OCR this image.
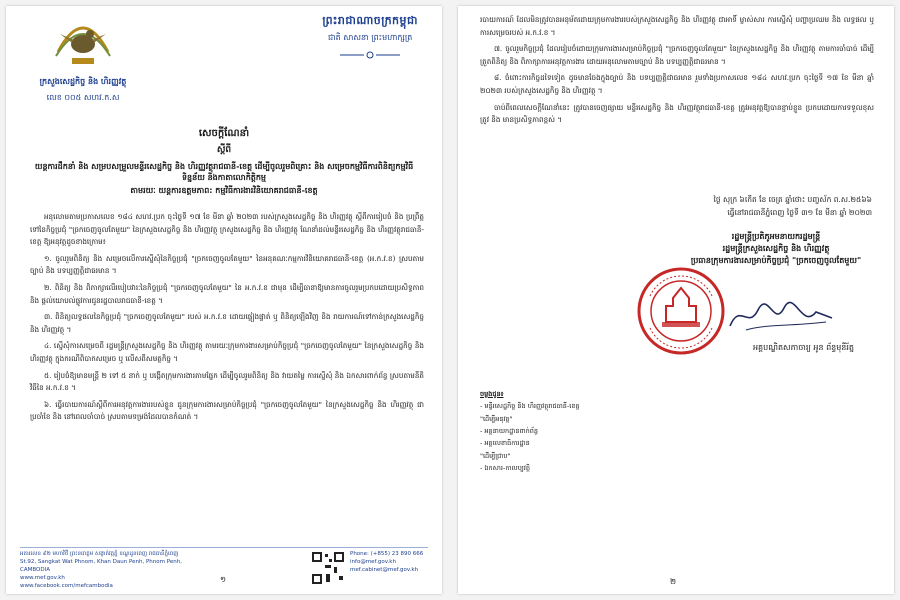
ក្រសួងសេដ្ឋកិច្ច និង ហិរញ្ញវត្ថុ
លេខ ០០៥ សហវ.ក.ស
ព្រះរាជាណាចក្រកម្ពុជា
ជាតិ សាសនា ព្រះមហាក្សត្រ
សេចក្តីណែនាំ
ស្តីពី
យន្តការដឹកនាំ និង សម្របសម្រួលមន្ទីរសេដ្ឋកិច្ច និង ហិរញ្ញវត្ថុរាជធានី-ខេត្ត ដើម្បីចូលរួមពិគ្រោះ និង សម្រេចកម្មវិធីការពិនិត្យកម្មវិធីទិន្នន័យ និងកាតាលោកិត្តិកម្ម
តាមរយៈ យន្តការឧត្តមភាព: កម្មវិធីការងារវិនិយោគរាជធានី-ខេត្ត
អនុលោមតាមប្រកាសលេខ ១៨៤ សហវ.ប្រក ចុះថ្ងៃទី ១៧ ខែ មីនា ឆ្នាំ ២០២៣ របស់ក្រសួងសេដ្ឋកិច្ច និង ហិរញ្ញវត្ថុ ស្តីពីការរៀបចំ និង ប្រព្រឹត្តទៅនៃកិច្ចប្រជុំ "ច្រកចេញចូលតែមួយ" នៃក្រសួងសេដ្ឋកិច្ច និង ហិរញ្ញវត្ថុ ក្រសួងសេដ្ឋកិច្ច និង ហិរញ្ញវត្ថុ ណែនាំដល់មន្ទីរសេដ្ឋកិច្ច និង ហិរញ្ញវត្ថុរាជធានី-ខេត្ត ឱ្យអនុវត្តដូចខាងក្រោម៖
១. ចូលរួមពិនិត្យ និង សម្រេចលើការស្នើសុំនៃកិច្ចប្រជុំ "ច្រកចេញចូលតែមួយ" នៃអនុគណៈកម្មការវិនិយោគរាជធានី-ខេត្ត (អ.ក.វ.ខ) ស្របតាមច្បាប់ និង បទប្បញ្ញត្តិជាធរមាន ។
២. ពិនិត្យ និង ពិភាក្សាលើរបៀបវារៈនៃកិច្ចប្រជុំ "ច្រកចេញចូលតែមួយ" នៃ អ.ក.វ.ខ ជាមុន ដើម្បីធានាឱ្យមានការចូលរួមប្រកបដោយប្រសិទ្ធភាព និង ផ្តល់យោបល់ផ្លូវការជូនរដ្ឋបាលរាជធានី-ខេត្ត ។
៣. ពិនិត្យលទ្ធផលនៃកិច្ចប្រជុំ "ច្រកចេញចូលតែមួយ" របស់ អ.ក.វ.ខ ដោយផ្ទៀងផ្ទាត់ ឬ ពិនិត្យឡើងវិញ និង រាយការណ៍ទៅកាន់ក្រសួងសេដ្ឋកិច្ច និង ហិរញ្ញវត្ថុ ។
៤. ស្នើសុំការសម្រេចពី រដ្ឋមន្ត្រីក្រសួងសេដ្ឋកិច្ច និង ហិរញ្ញវត្ថុ តាមរយៈក្រុមការងារសម្រាប់កិច្ចប្រជុំ "ច្រកចេញចូលតែមួយ" នៃក្រសួងសេដ្ឋកិច្ច និង ហិរញ្ញវត្ថុ ក្នុងករណីពិបាកសម្រេច ឬ លើសពីសមត្ថកិច្ច ។
៥. រៀបចំឱ្យមានមន្ត្រី ២ ទៅ ៥ នាក់ ឬ បង្កើតក្រុមការងារតាមផ្នែក ដើម្បីចូលរួមពិនិត្យ និង វាយតម្លៃ ការស្នើសុំ និង ឯកសារពាក់ព័ន្ធ ស្របតាមនីតិវិធីនៃ អ.ក.វ.ខ ។
៦. ធ្វើរបាយការណ៍ស្តីពីការអនុវត្តការងាររបស់ខ្លួន ជូនក្រុមការងារសម្រាប់កិច្ចប្រជុំ "ច្រកចេញចូលតែមួយ" នៃក្រសួងសេដ្ឋកិច្ច និង ហិរញ្ញវត្ថុ ជាប្រចាំខែ និង នៅពេលចាំបាច់ ស្របតាមទម្រង់ដែលបានកំណត់ ។
អគារលេខ ៩២ មហាវិថី ព្រះនរោត្តម សង្កាត់វត្តភ្នំ ខណ្ឌដូនពេញ រាជធានីភ្នំពេញ
St.92, Sangkat Wat Phnom, Khan Daun Penh, Phnom Penh, CAMBODIA
www.mef.gov.kh
www.facebook.com/mefcambodia
១
Phone: (+855) 23 890 666
info@mef.gov.kh
mef.cabinet@mef.gov.kh
របាយការណ៍ ដែលមិនត្រូវបានអនុម័តដោយក្រុមការងាររបស់ក្រសួងសេដ្ឋកិច្ច និង ហិរញ្ញវត្ថុ ជាអាទិ៍ ម្ចាស់សារ ការស្នើសុំ បញ្ហាប្រឈម និង លទ្ធផល ឬ ការសម្រេចរបស់ អ.ក.វ.ខ ។
៧. ចូលរួមកិច្ចប្រជុំ ដែលរៀបចំដោយក្រុមការងារសម្រាប់កិច្ចប្រជុំ "ច្រកចេញចូលតែមួយ" នៃក្រសួងសេដ្ឋកិច្ច និង ហិរញ្ញវត្ថុ តាមការចាំបាច់ ដើម្បីត្រួតពិនិត្យ និង ពិភាក្សាការអនុវត្តការងារ ដោយអនុលោមតាមច្បាប់ និង បទប្បញ្ញត្តិជាធរមាន ។
៨. ចំពោះការកិច្ចដទៃទៀត ដូចមានចែងក្នុងច្បាប់ និង បទប្បញ្ញត្តិជាធរមាន រួមទាំងប្រកាសលេខ ១៨៤ សហវ.ប្រក ចុះថ្ងៃទី ១៧ ខែ មីនា ឆ្នាំ ២០២៣ របស់ក្រសួងសេដ្ឋកិច្ច និង ហិរញ្ញវត្ថុ ។
ចាប់ពីពេលសេចក្តីណែនាំនេះ ត្រូវបានចេញផ្សាយ មន្ទីរសេដ្ឋកិច្ច និង ហិរញ្ញវត្ថុរាជធានី-ខេត្ត ត្រូវអនុវត្តឱ្យបានខ្ជាប់ខ្ជួន ប្រកបដោយការទទួលខុសត្រូវ និង មានប្រសិទ្ធភាពខ្ពស់ ។
ថ្ងៃ សុក្រ ៦កើត ខែ ចេត្រ ឆ្នាំថោះ បញ្ចស័ក ព.ស.២៥៦៦
ធ្វើនៅរាជធានីភ្នំពេញ ថ្ងៃទី ៣១ ខែ មីនា ឆ្នាំ ២០២៣
រដ្ឋមន្ត្រីប្រតិភូអមនាយករដ្ឋមន្ត្រី
រដ្ឋមន្ត្រីក្រសួងសេដ្ឋកិច្ច និង ហិរញ្ញវត្ថុ
ប្រធានក្រុមការងារសម្រាប់កិច្ចប្រជុំ "ច្រកចេញចូលតែមួយ"
អគ្គបណ្ឌិតសភាចារ្យ អូន ព័ន្ធមុនីរ័ត្ន
ចម្លងជូន៖
- មន្ទីរសេដ្ឋកិច្ច និង ហិរញ្ញវត្ថុរាជធានី-ខេត្ត
"ដើម្បីអនុវត្ត"
- អគ្គនាយកដ្ឋានពាក់ព័ន្ធ
- អគ្គលេខាធិការដ្ឋាន
"ដើម្បីជ្រាប"
- ឯកសារ-កាលប្បវត្តិ
២
